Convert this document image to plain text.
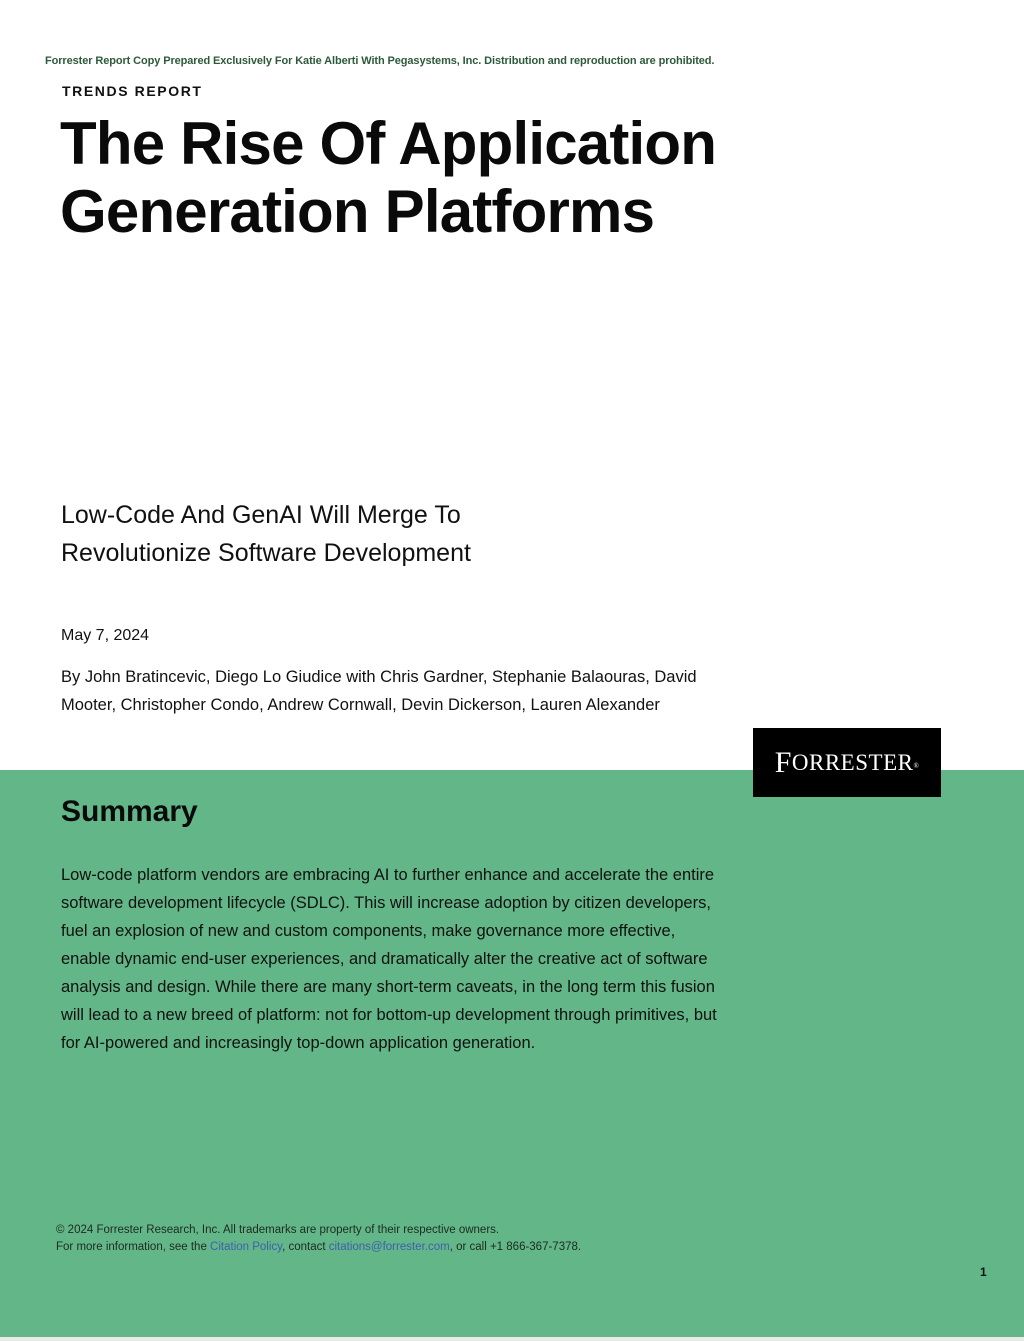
Forrester Report Copy Prepared Exclusively For Katie Alberti With Pegasystems, Inc. Distribution and reproduction are prohibited.
TRENDS REPORT
The Rise Of Application Generation Platforms

Low-Code And GenAI Will Merge To Revolutionize Software Development

May 7, 2024
By John Bratincevic, Diego Lo Giudice with Chris Gardner, Stephanie Balaouras, David Mooter, Christopher Condo, Andrew Cornwall, Devin Dickerson, Lauren Alexander
F ORRESTER ®
Summary

Low-code platform vendors are embracing AI to further enhance and accelerate the entire software development lifecycle (SDLC). This will increase adoption by citizen developers, fuel an explosion of new and custom components, make governance more effective, enable dynamic end-user experiences, and dramatically alter the creative act of software analysis and design. While there are many short-term caveats, in the long term this fusion will lead to a new breed of platform: not for bottom-up development through primitives, but for AI-powered and increasingly top-down application generation.

© 2024 Forrester Research, Inc. All trademarks are property of their respective owners.
For more information, see the Citation Policy, contact citations@forrester.com, or call +1 866-367-7378.
1
